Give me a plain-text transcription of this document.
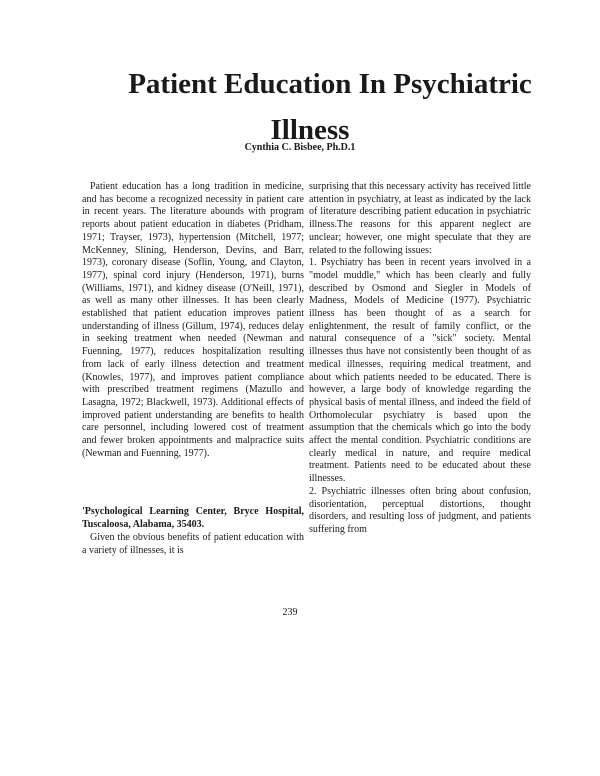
Patient Education In Psychiatric
Illness

Cynthia C. Bisbee, Ph.D.1

Patient education has a long tradition in medicine, and has become a recognized necessity in patient care in recent years. The literature abounds with program reports about patient education in diabetes (Pridham, 1971; Trayser, 1973), hypertension (Mitchell, 1977; McKenney, Slining, Henderson, Devins, and Barr, 1973), coronary disease (Soflin, Young, and Clayton, 1977), spinal cord injury (Henderson, 1971), burns (Williams, 1971), and kidney disease (O'Neill, 1971), as well as many other illnesses. It has been clearly established that patient education improves patient understanding of illness (Gillum, 1974), reduces delay in seeking treatment when needed (Newman and Fuenning, 1977), reduces hospitalization resulting from lack of early illness detection and treatment (Knowles, 1977), and improves patient compliance with prescribed treatment regimens (Mazullo and Lasagna, 1972; Blackwell, 1973). Additional effects of improved patient understanding are benefits to health care personnel, including lowered cost of treatment and fewer broken appointments and malpractice suits (Newman and Fuenning, 1977).

'Psychological Learning Center, Bryce Hospital, Tuscaloosa, Alabama, 35403.

Given the obvious benefits of patient education with a variety of illnesses, it is

surprising that this necessary activity has received little attention in psychiatry, at least as indicated by the lack of literature describing patient education in psychiatric illness.The reasons for this apparent neglect are unclear; however, one might speculate that they are related to the following issues:

1. Psychiatry has been in recent years involved in a "model muddle," which has been clearly and fully described by Osmond and Siegler in Models of Madness, Models of Medicine (1977). Psychiatric illness has been thought of as a search for enlightenment, the result of family conflict, or the natural consequence of a "sick" society. Mental illnesses thus have not consistently been thought of as medical illnesses, requiring medical treatment, and about which patients needed to be educated. There is however, a large body of knowledge regarding the physical basis of mental illness, and indeed the field of Orthomolecular psychiatry is based upon the assumption that the chemicals which go into the body affect the mental condition. Psychiatric conditions are clearly medical in nature, and require medical treatment. Patients need to be educated about these illnesses.

2. Psychiatric illnesses often bring about confusion, disorientation, perceptual distortions, thought disorders, and resulting loss of judgment, and patients suffering from

239
